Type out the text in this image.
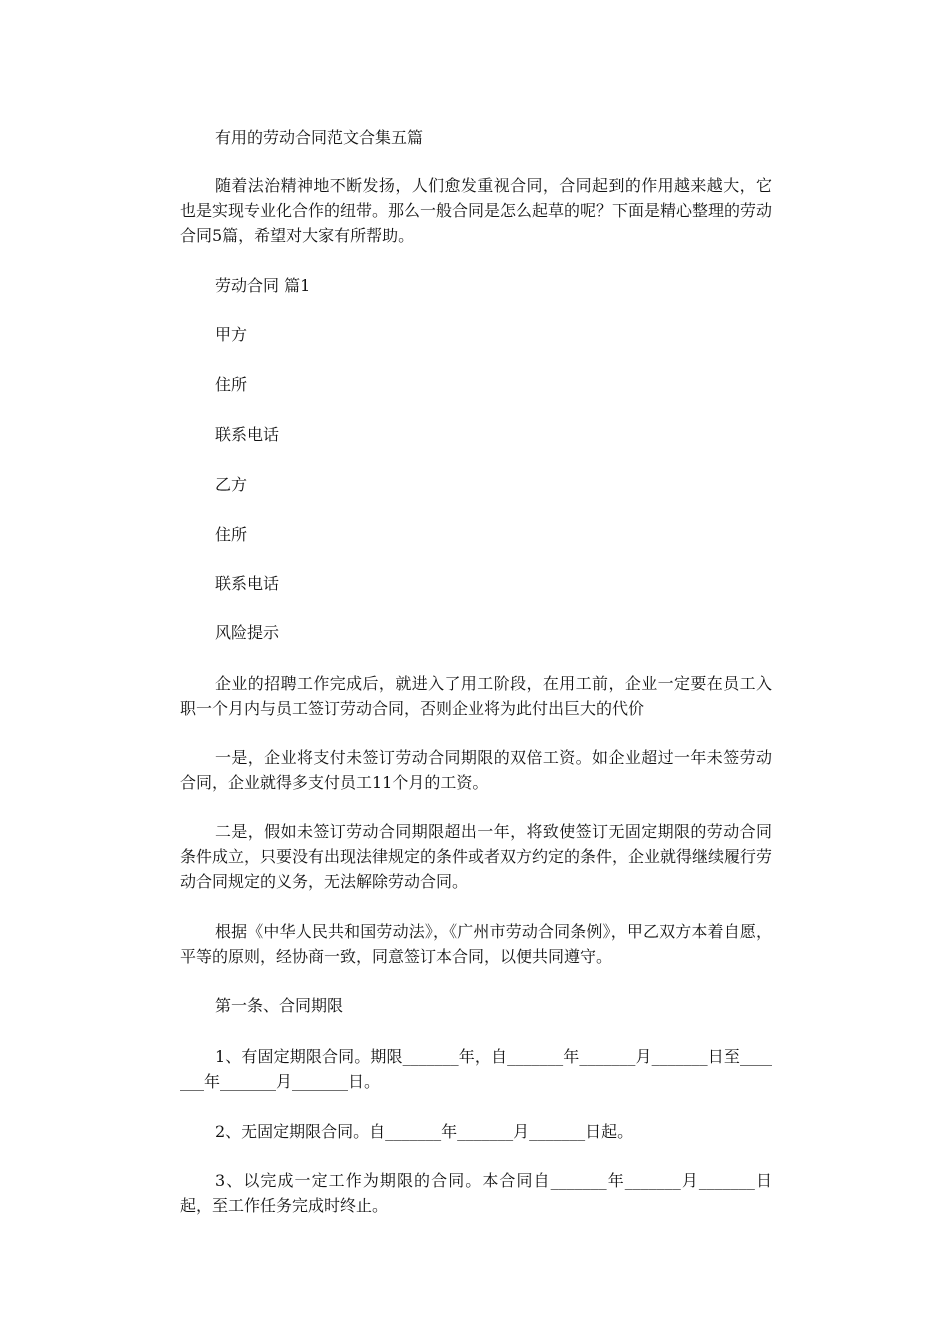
有用的劳动合同范文合集五篇
随着法治精神地不断发扬，人们愈发重视合同，合同起到的作用越来越大，它也是实现专业化合作的纽带。那么一般合同是怎么起草的呢？下面是精心整理的劳动合同5篇，希望对大家有所帮助。
劳动合同 篇1
甲方
住所
联系电话
乙方
住所
联系电话
风险提示
企业的招聘工作完成后，就进入了用工阶段，在用工前，企业一定要在员工入职一个月内与员工签订劳动合同，否则企业将为此付出巨大的代价
一是，企业将支付未签订劳动合同期限的双倍工资。如企业超过一年未签劳动合同，企业就得多支付员工11个月的工资。
二是，假如未签订劳动合同期限超出一年，将致使签订无固定期限的劳动合同条件成立，只要没有出现法律规定的条件或者双方约定的条件，企业就得继续履行劳动合同规定的义务，无法解除劳动合同。
根据《中华人民共和国劳动法》，《广州市劳动合同条例》，甲乙双方本着自愿，平等的原则，经协商一致，同意签订本合同，以便共同遵守。
第一条、合同期限
1、有固定期限合同。期限_______年，自_______年_______月_______日至_______年_______月_______日。
2、无固定期限合同。自_______年_______月_______日起。
3、以完成一定工作为期限的合同。本合同自_______年_______月_______日起，至工作任务完成时终止。
